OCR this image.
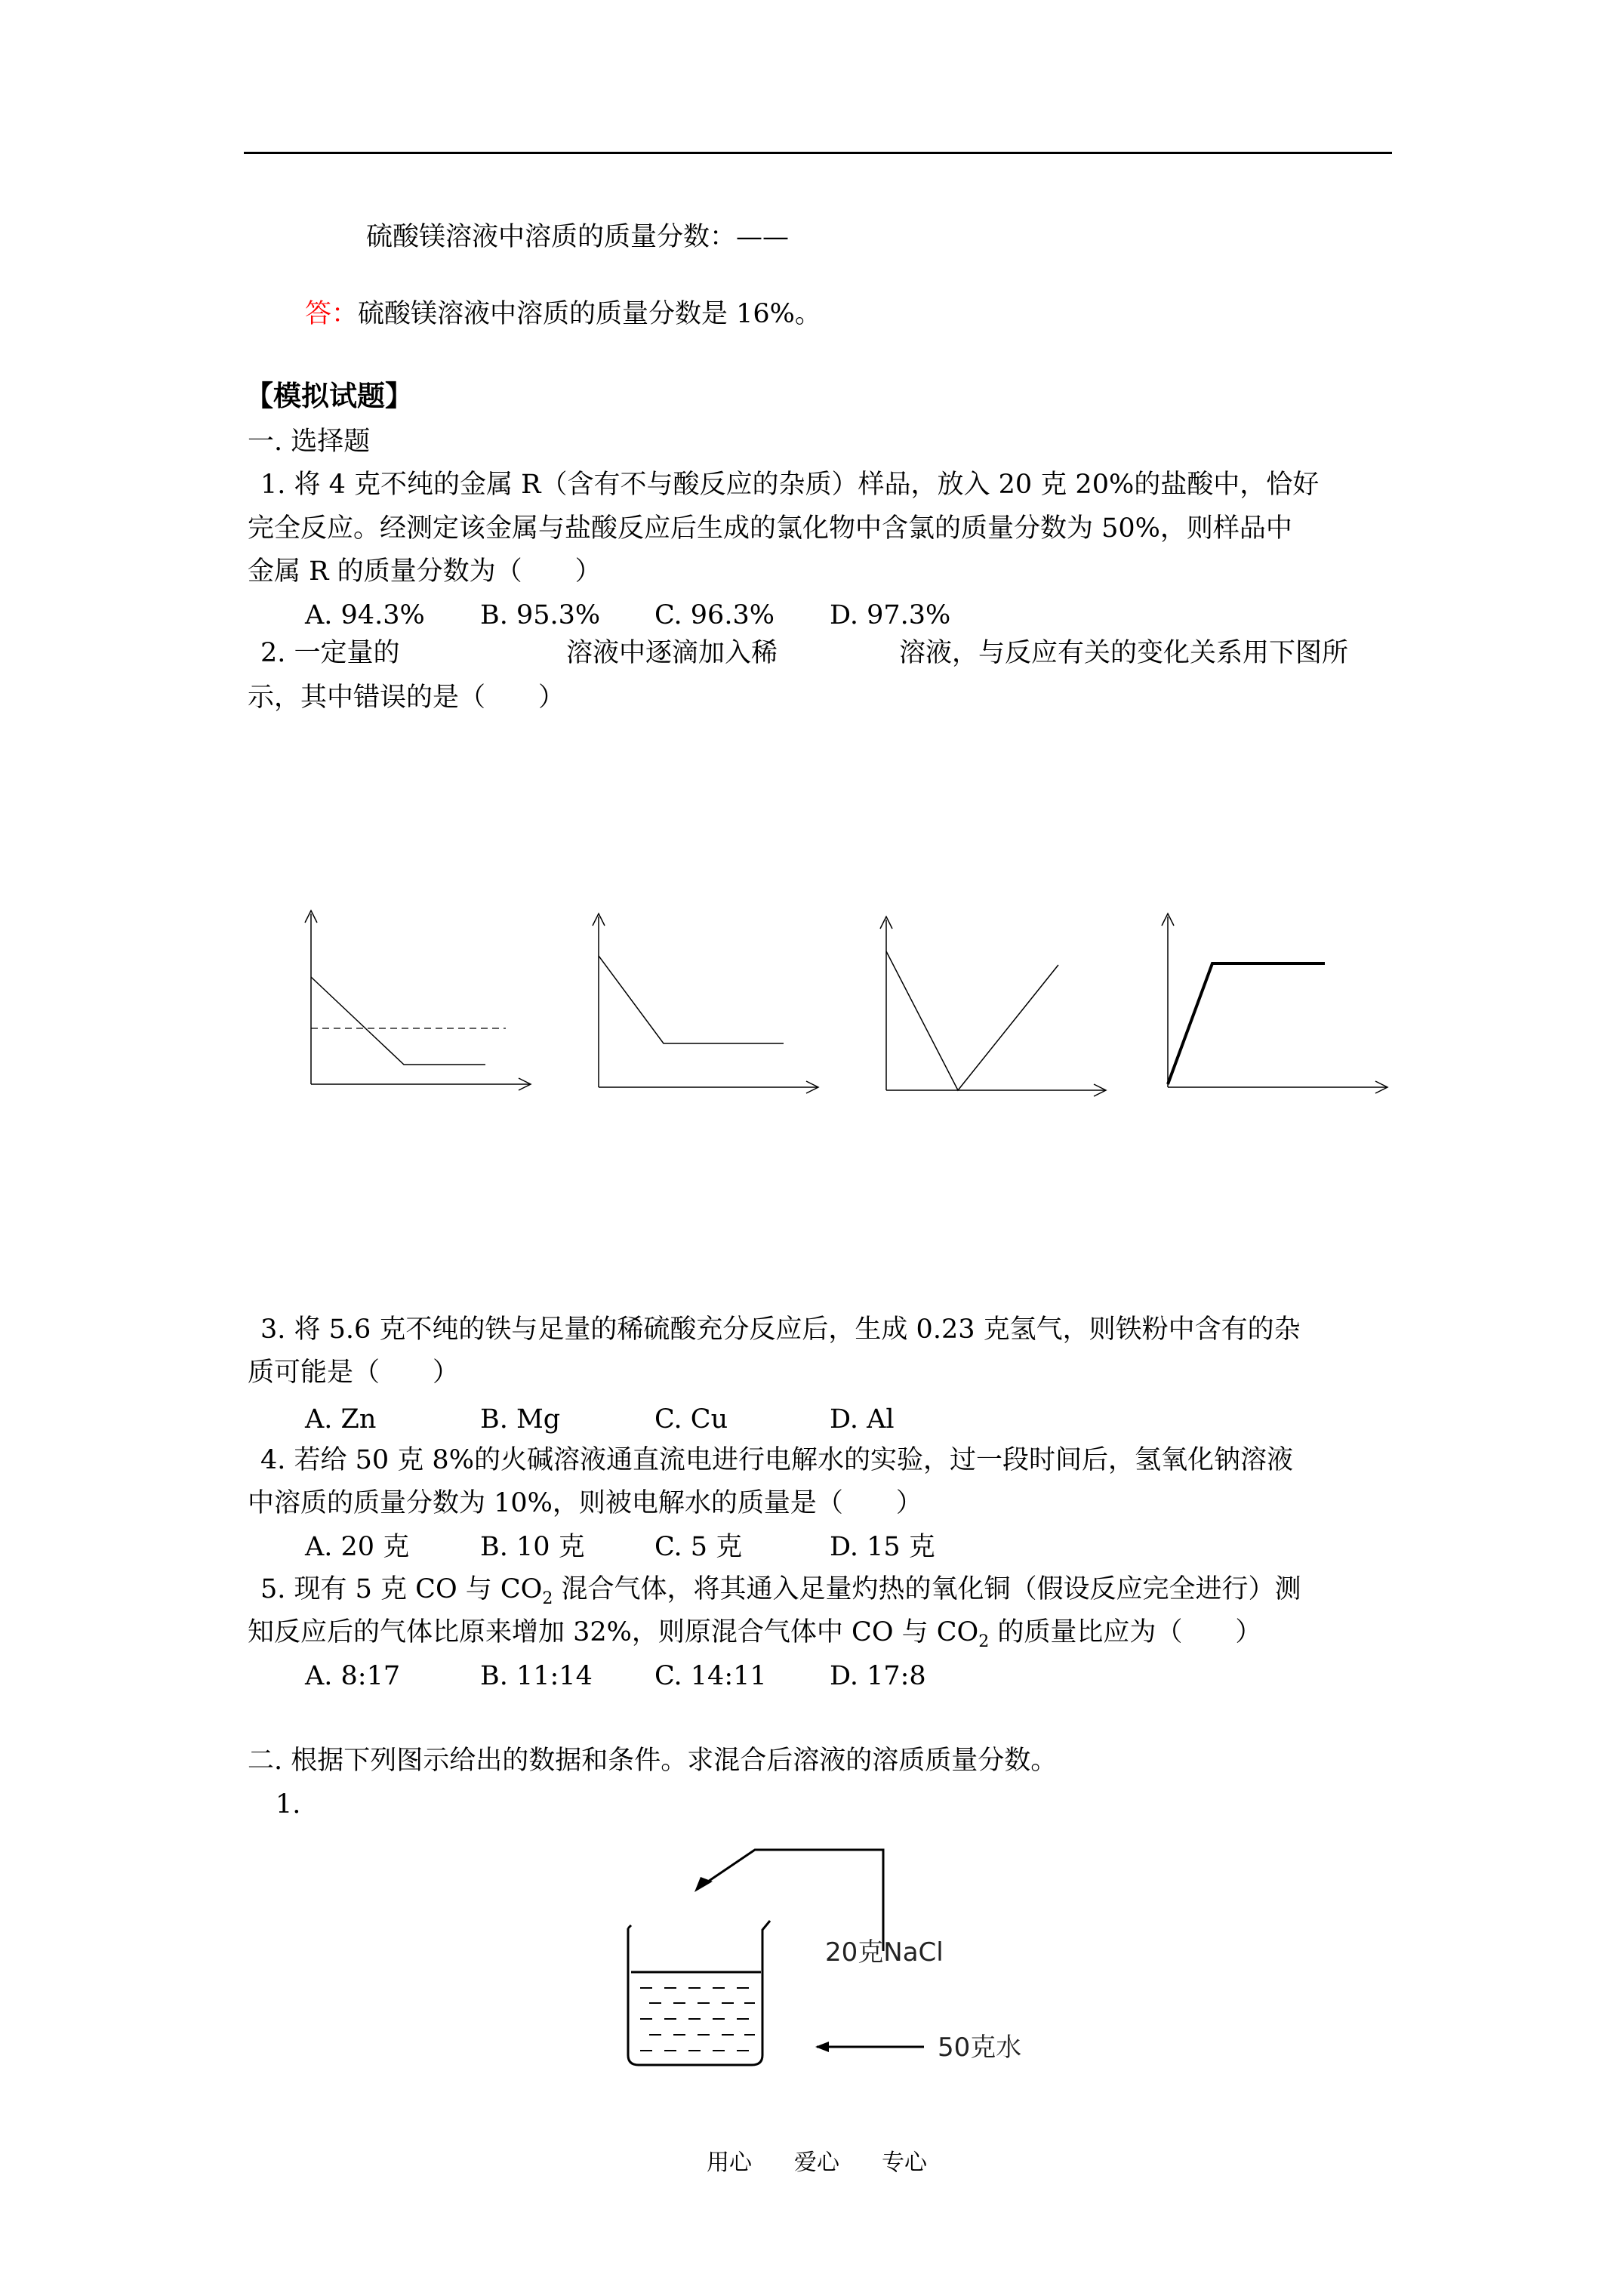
硫酸镁溶液中溶质的质量分数：——
答：硫酸镁溶液中溶质的质量分数是 16%。
【模拟试题】
一. 选择题
1. 将 4 克不纯的金属 R（含有不与酸反应的杂质）样品，放入 20 克 20%的盐酸中，恰好
完全反应。经测定该金属与盐酸反应后生成的氯化物中含氯的质量分数为 50%，则样品中
金属 R 的质量分数为（　　）
A. 94.3% B. 95.3% C. 96.3% D. 97.3%
2. 一定量的	溶液中逐滴加入稀	溶液，与反应有关的变化关系用下图所
示，其中错误的是（　　）
3. 将 5.6 克不纯的铁与足量的稀硫酸充分反应后，生成 0.23 克氢气，则铁粉中含有的杂
质可能是（　　）
A. Zn	B. Mg	C. Cu	D. Al
4. 若给 50 克 8%的火碱溶液通直流电进行电解水的实验，过一段时间后，氢氧化钠溶液
中溶质的质量分数为 10%，则被电解水的质量是（　　）
A. 20 克	B. 10 克	C. 5 克	D. 15 克
5. 现有 5 克 CO 与 $CO_2$ 混合气体，将其通入足量灼热的氧化铜（假设反应完全进行）测
知反应后的气体比原来增加 32%，则原混合气体中 CO 与 $CO_2$ 的质量比应为（　　）
A. 8:17	B. 11:14 C. 14:11 D. 17:8
二. 根据下列图示给出的数据和条件。求混合后溶液的溶质质量分数。
1.
20克NaCl
50克水
用心 爱心 专心
